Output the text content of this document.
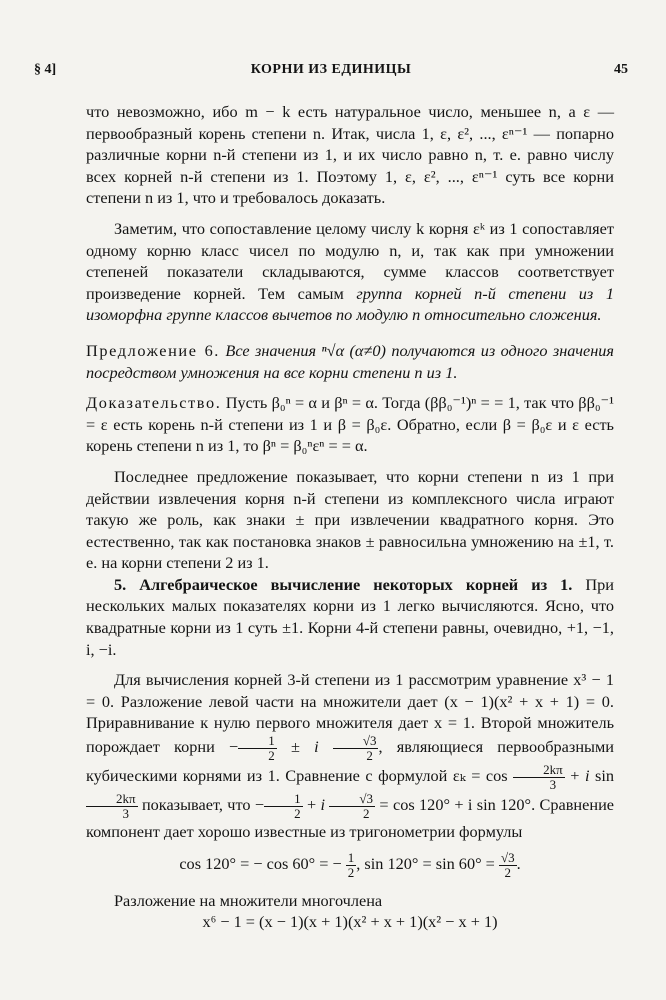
§ 4]	КОРНИ ИЗ ЕДИНИЦЫ	45

что невозможно, ибо m − k есть натуральное число, меньшее n, а ε — первообразный корень степени n. Итак, числа 1, ε, ε², ..., εⁿ⁻¹ — попарно различные корни n-й степени из 1, и их число равно n, т. е. равно числу всех корней n-й степени из 1. Поэтому 1, ε, ε², ..., εⁿ⁻¹ суть все корни степени n из 1, что и требовалось доказать.

Заметим, что сопоставление целому числу k корня εᵏ из 1 сопоставляет одному корню класс чисел по модулю n, и, так как при умножении степеней показатели складываются, сумме классов соответствует произведение корней. Тем самым группа корней n-й степени из 1 изоморфна группе классов вычетов по модулю n относительно сложения.

Предложение 6. Все значения ⁿ√α (α≠0) получаются из одного значения посредством умножения на все корни степени n из 1.

Доказательство. Пусть β₀ⁿ = α и βⁿ = α. Тогда (ββ₀⁻¹)ⁿ = = 1, так что ββ₀⁻¹ = ε есть корень n-й степени из 1 и β = β₀ε. Обратно, если β = β₀ε и ε есть корень степени n из 1, то βⁿ = β₀ⁿεⁿ = = α.

Последнее предложение показывает, что корни степени n из 1 при действии извлечения корня n-й степени из комплексного числа играют такую же роль, как знаки ± при извлечении квадратного корня. Это естественно, так как постановка знаков ± равносильна умножению на ±1, т. е. на корни степени 2 из 1.

5. Алгебраическое вычисление некоторых корней из 1. При нескольких малых показателях корни из 1 легко вычисляются. Ясно, что квадратные корни из 1 суть ±1. Корни 4-й степени равны, очевидно, +1, −1, i, −i.

Для вычисления корней 3-й степени из 1 рассмотрим уравнение x³ − 1 = 0. Разложение левой части на множители дает (x − 1)(x² + x + 1) = 0. Приравнивание к нулю первого множителя дает x = 1. Второй множитель порождает корни − $\frac{1}{2} \pm i \frac{√3}{2}$ , являющиеся первообразными кубическими корнями из 1. Сравнение с формулой $\varepsilon_k = \cos \frac{2k\pi}{3} + i$ sin
$\frac{2k\pi}{3}$ показывает, что − $\frac{1}{2} + i \frac{√3}{2} = \cos 120^\circ + i$ sin 120°. Сравнение компонент дает хорошо известные из тригонометрии формулы

cos 120° = − cos 60° = − $\frac{1}{2}$ , $\sin 120^\circ = \sin 60^\circ = \frac{√3}{2}$ .

Разложение на множители многочлена

x⁶ − 1 = (x − 1)(x + 1)(x² + x + 1)(x² − x + 1)
